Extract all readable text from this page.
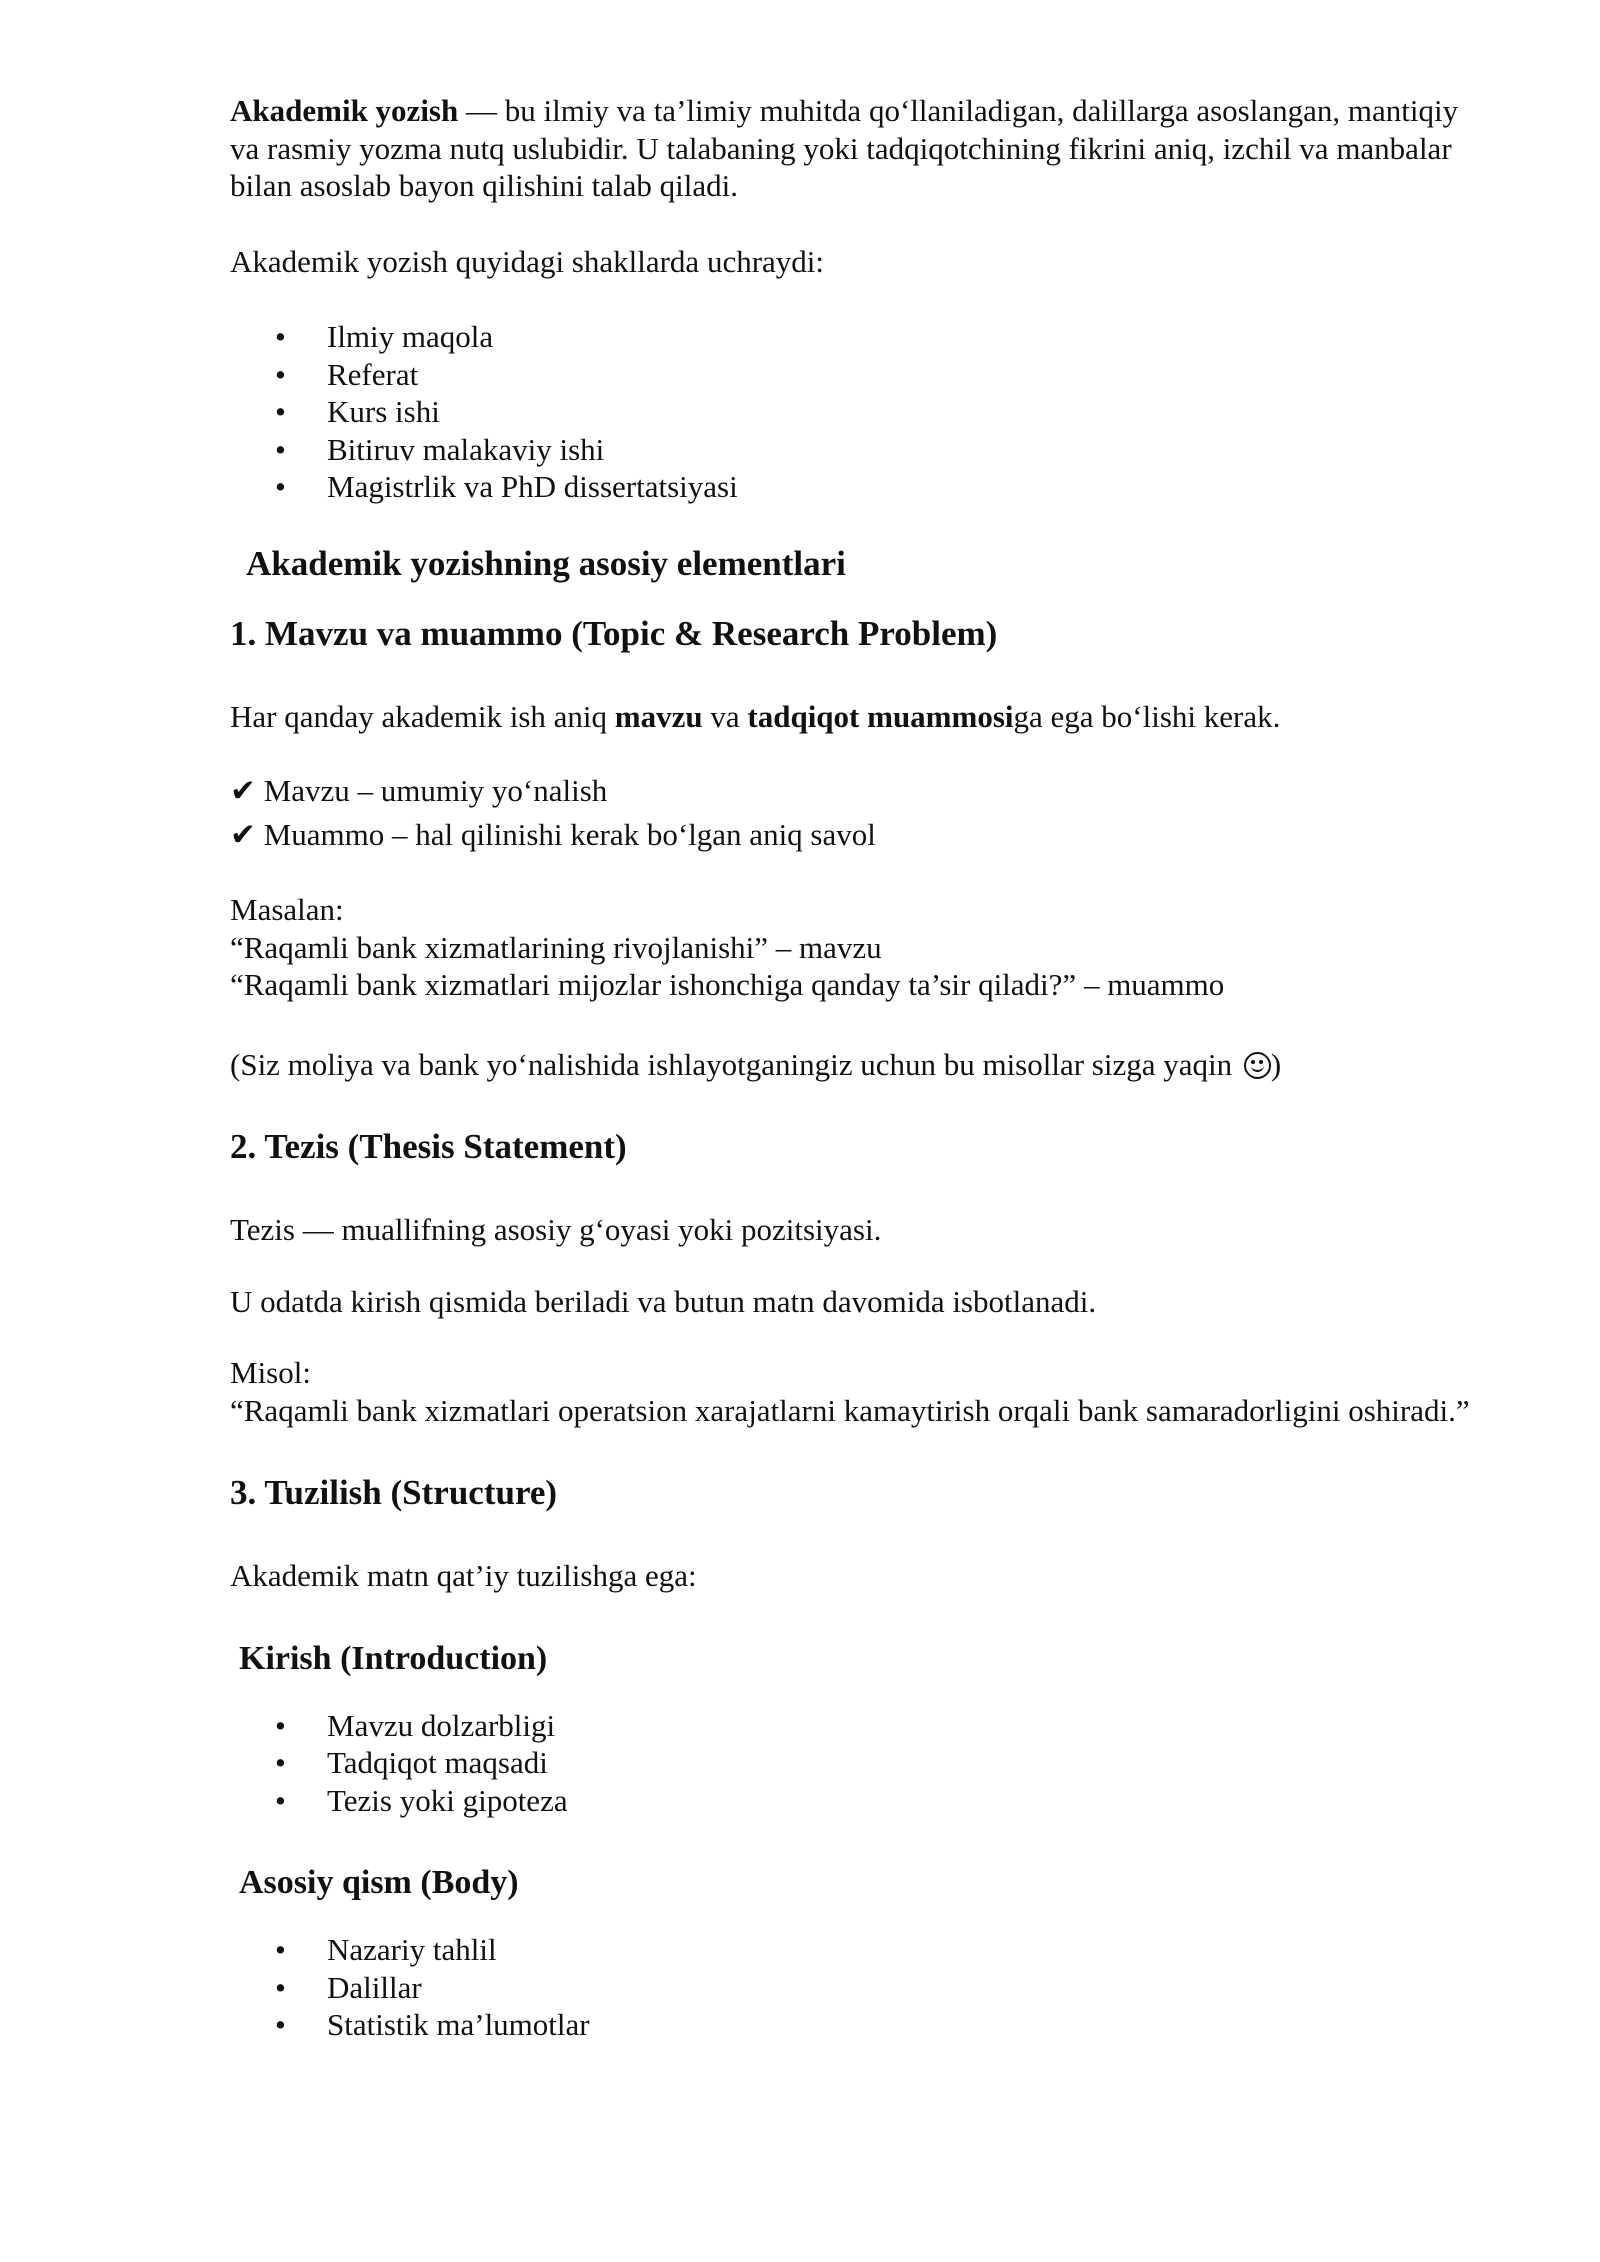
Akademik yozish — bu ilmiy va ta’limiy muhitda qo‘llaniladigan, dalillarga asoslangan, mantiqiy va rasmiy yozma nutq uslubidir. U talabaning yoki tadqiqotchining fikrini aniq, izchil va manbalar bilan asoslab bayon qilishini talab qiladi.

Akademik yozish quyidagi shakllarda uchraydi:

• Ilmiy maqola
• Referat
• Kurs ishi
• Bitiruv malakaviy ishi
• Magistrlik va PhD dissertatsiyasi
Akademik yozishning asosiy elementlari
1. Mavzu va muammo (Topic & Research Problem)

Har qanday akademik ish aniq mavzu va tadqiqot muammosiga ega bo‘lishi kerak.

✔ Mavzu – umumiy yo‘nalish

✔ Muammo – hal qilinishi kerak bo‘lgan aniq savol

Masalan:

“Raqamli bank xizmatlarining rivojlanishi” – mavzu

“Raqamli bank xizmatlari mijozlar ishonchiga qanday ta’sir qiladi?” – muammo

(Siz moliya va bank yo‘nalishida ishlayotganingiz uchun bu misollar sizga yaqin )

2. Tezis (Thesis Statement)

Tezis — muallifning asosiy g‘oyasi yoki pozitsiyasi.

U odatda kirish qismida beriladi va butun matn davomida isbotlanadi.

Misol:

“Raqamli bank xizmatlari operatsion xarajatlarni kamaytirish orqali bank samaradorligini oshiradi.”

3. Tuzilish (Structure)

Akademik matn qat’iy tuzilishga ega:

Kirish (Introduction)
• Mavzu dolzarbligi
• Tadqiqot maqsadi
• Tezis yoki gipoteza
Asosiy qism (Body)
• Nazariy tahlil
• Dalillar
• Statistik ma’lumotlar
